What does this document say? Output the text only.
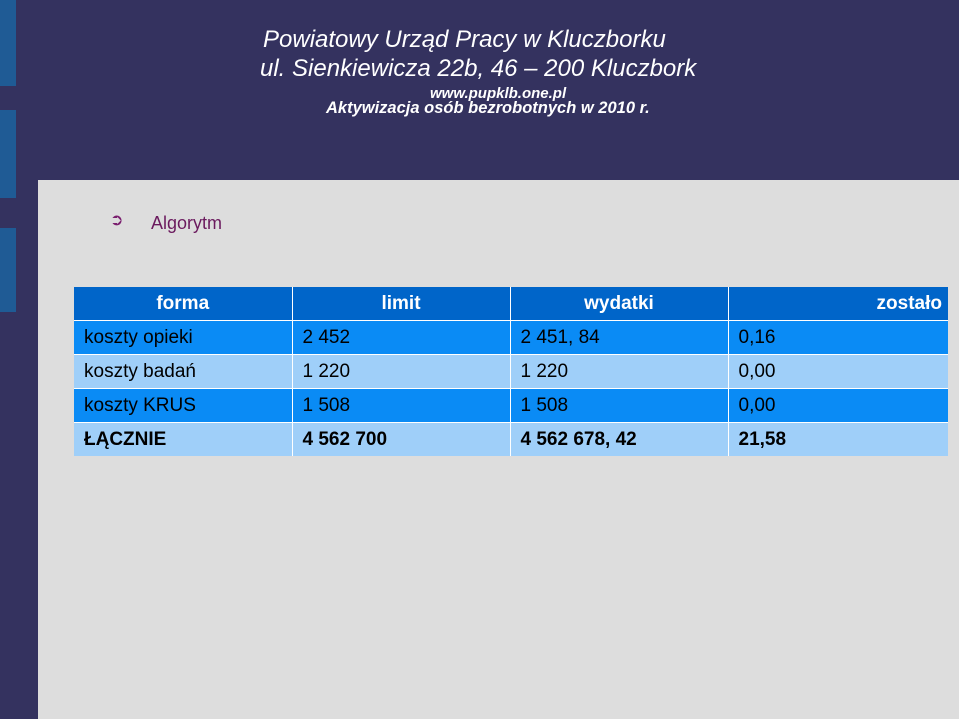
Powiatowy Urząd Pracy w Kluczborku
ul. Sienkiewicza 22b, 46 – 200 Kluczbork
www.pupklb.one.pl
Aktywizacja osób bezrobotnych w 2010 r.
➲ Algorytm
forma	limit	wydatki	zostało
koszty opieki	2 452	2 451, 84	0,16
koszty badań	1 220	1 220	0,00
koszty KRUS	1 508	1 508	0,00
ŁĄCZNIE	4 562 700	4 562 678, 42	21,58
